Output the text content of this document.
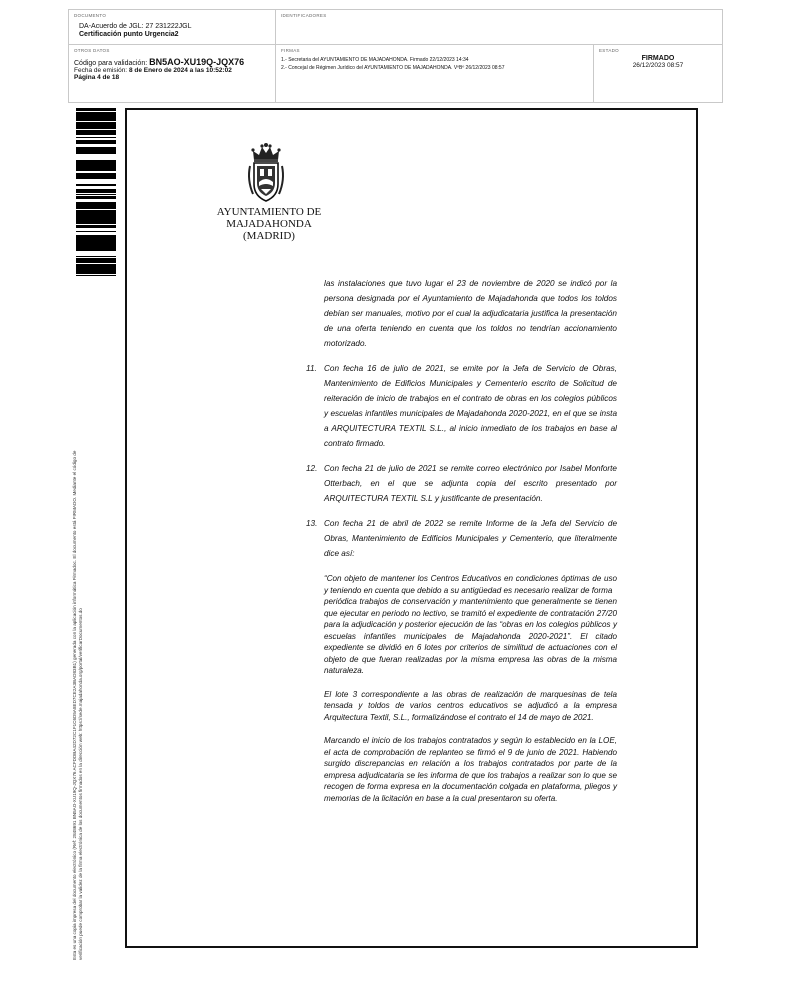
DOCUMENTO
DA-Acuerdo de JGL: 27 231222JGL
Certificación punto Urgencia2
IDENTIFICADORES
OTROS DATOS
Código para validación: BN5AO-XU19Q-JQX76
Fecha de emisión: 8 de Enero de 2024 a las 10:52:02
Página 4 de 18
FIRMAS
1.- Secretaria del AYUNTAMIENTO DE MAJADAHONDA. Firmado 22/12/2023 14:34
2.- Concejal de Régimen Jurídico del AYUNTAMIENTO DE MAJADAHONDA. VºBº 26/12/2023 08:57
ESTADO
FIRMADO
26/12/2023 08:57
Esta es una copia impresa del documento electrónico (Ref: 2848691 BN5AO-XU19Q-JQX76 ACFDDBA42D72C1F1C6D5A8ED7CE2A3BAD83B1) generada con la aplicación informática Firmadoc. El documento está FIRMADO. Mediante el código de verificación puede comprobar la validez de la firma electrónica de los documentos firmados en la dirección web: https://sede.majadahonda.org/portal/verificarDocumentos.do
AYUNTAMIENTO DE
MAJADAHONDA
(MADRID)

las instalaciones que tuvo lugar el 23 de noviembre de 2020 se indicó por la persona designada por el Ayuntamiento de Majadahonda que todos los toldos debían ser manuales, motivo por el cual la adjudicataria justifica la presentación de una oferta teniendo en cuenta que los toldos no tendrían accionamiento motorizado.

11. Con fecha 16 de julio de 2021, se emite por la Jefa de Servicio de Obras, Mantenimiento de Edificios Municipales y Cementerio escrito de Solicitud de reiteración de inicio de trabajos en el contrato de obras en los colegios públicos y escuelas infantiles municipales de Majadahonda 2020-2021, en el que se insta a ARQUITECTURA TEXTIL S.L., al inicio inmediato de los trabajos en base al contrato firmado.

12. Con fecha 21 de julio de 2021 se remite correo electrónico por Isabel Monforte Otterbach, en el que se adjunta copia del escrito presentado por ARQUITECTURA TEXTIL S.L y justificante de presentación.

13. Con fecha 21 de abril de 2022 se remite Informe de la Jefa del Servicio de Obras, Mantenimiento de Edificios Municipales y Cementerio, que literalmente dice así:

“Con objeto de mantener los Centros Educativos en condiciones óptimas de uso y teniendo en cuenta que debido a su antigüedad es necesario realizar de forma

periódica trabajos de conservación y mantenimiento que generalmente se tienen que ejecutar en periodo no lectivo, se tramitó el expediente de contratación 27/20 para la adjudicación y posterior ejecución de las “obras en los colegios públicos y escuelas infantiles municipales de Majadahonda 2020-2021”. El citado expediente se dividió en 6 lotes por criterios de similitud de actuaciones con el objeto de que fueran realizadas por la misma empresa las obras de la misma naturaleza.

El lote 3 correspondiente a las obras de realización de marquesinas de tela tensada y toldos de varios centros educativos se adjudicó a la empresa Arquitectura Textil, S.L., formalizándose el contrato el 14 de mayo de 2021.

Marcando el inicio de los trabajos contratados y según lo establecido en la LOE, el acta de comprobación de replanteo se firmó el 9 de junio de 2021. Habiendo surgido discrepancias en relación a los trabajos contratados por parte de la empresa adjudicataria se les informa de que los trabajos a realizar son lo que se recogen de forma expresa en la documentación colgada en plataforma, pliegos y memorias de la licitación en base a la cual presentaron su oferta.
